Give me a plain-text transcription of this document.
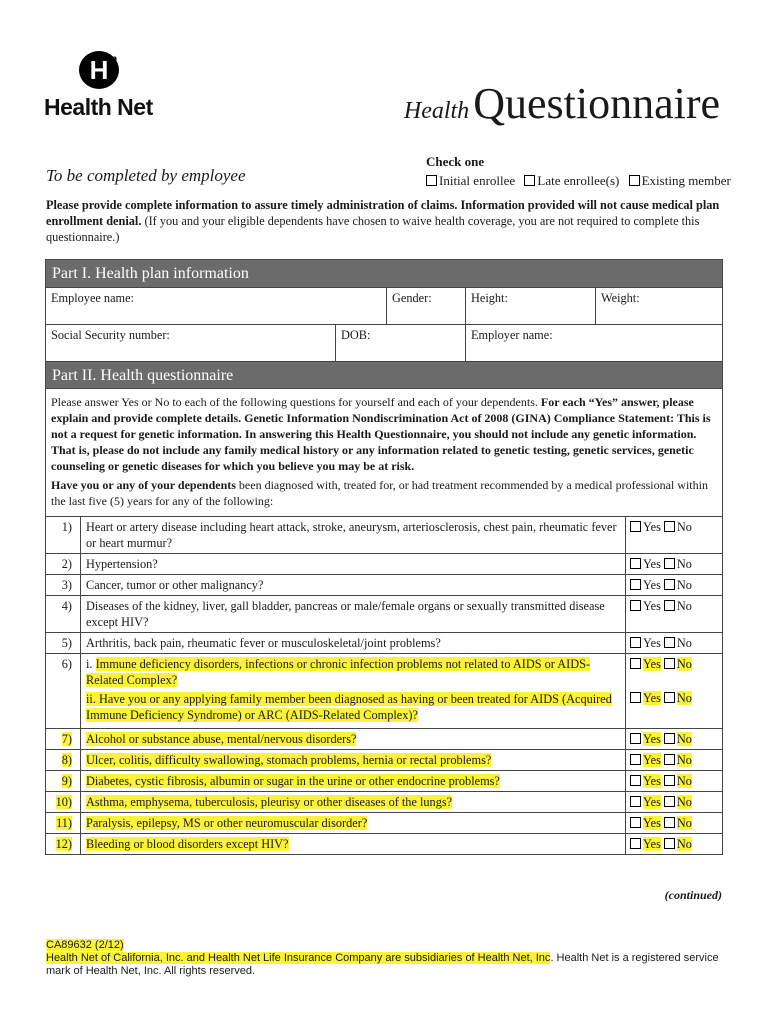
H n
Health Net	Health Questionnaire
To be completed by employee
Check one
Initial enrollee Late enrollee(s) Existing member
Please provide complete information to assure timely administration of claims. Information provided will not cause medical plan enrollment denial. (If you and your eligible dependents have chosen to waive health coverage, you are not required to complete this questionnaire.)
Part I. Health plan information
Employee name:	Gender:	Height:	Weight:
Social Security number:	DOB:	Employer name:
Part II. Health questionnaire

Please answer Yes or No to each of the following questions for yourself and each of your dependents. For each “Yes” answer, please explain and provide complete details. Genetic Information Nondiscrimination Act of 2008 (GINA) Compliance Statement: This is not a request for genetic information. In answering this Health Questionnaire, you should not include any genetic information. That is, please do not include any family medical history or any information related to genetic testing, genetic services, genetic counseling or genetic diseases for which you believe you may be at risk.

Have you or any of your dependents been diagnosed with, treated for, or had treatment recommended by a medical professional within the last five (5) years for any of the following:

1)	Heart or artery disease including heart attack, stroke, aneurysm, arteriosclerosis, chest pain, rheumatic fever or heart murmur?
Yes No
2)	Hypertension?	Yes No
3)	Cancer, tumor or other malignancy?	Yes No
4)	Diseases of the kidney, liver, gall bladder, pancreas or male/female organs or sexually transmitted disease except HIV?
Yes No
5)	Arthritis, back pain, rheumatic fever or musculoskeletal/joint problems?	Yes No
6)	i. Immune deficiency disorders, infections or chronic infection problems not related to AIDS or AIDS-Related Complex?
ii. Have you or any applying family member been diagnosed as having or been treated for AIDS (Acquired Immune Deficiency Syndrome) or ARC (AIDS-Related Complex)?
Yes No
Yes No
7)	Alcohol or substance abuse, mental/nervous disorders?	Yes No
8)	Ulcer, colitis, difficulty swallowing, stomach problems, hernia or rectal problems?	Yes No
9)	Diabetes, cystic fibrosis, albumin or sugar in the urine or other endocrine problems?	Yes No
10)	Asthma, emphysema, tuberculosis, pleurisy or other diseases of the lungs?	Yes No
11)	Paralysis, epilepsy, MS or other neuromuscular disorder?	Yes No
12)	Bleeding or blood disorders except HIV?	Yes No
(continued)
CA89632 (2/12)
Health Net of California, Inc. and Health Net Life Insurance Company are subsidiaries of Health Net, Inc. Health Net is a registered service mark of Health Net, Inc. All rights reserved.
